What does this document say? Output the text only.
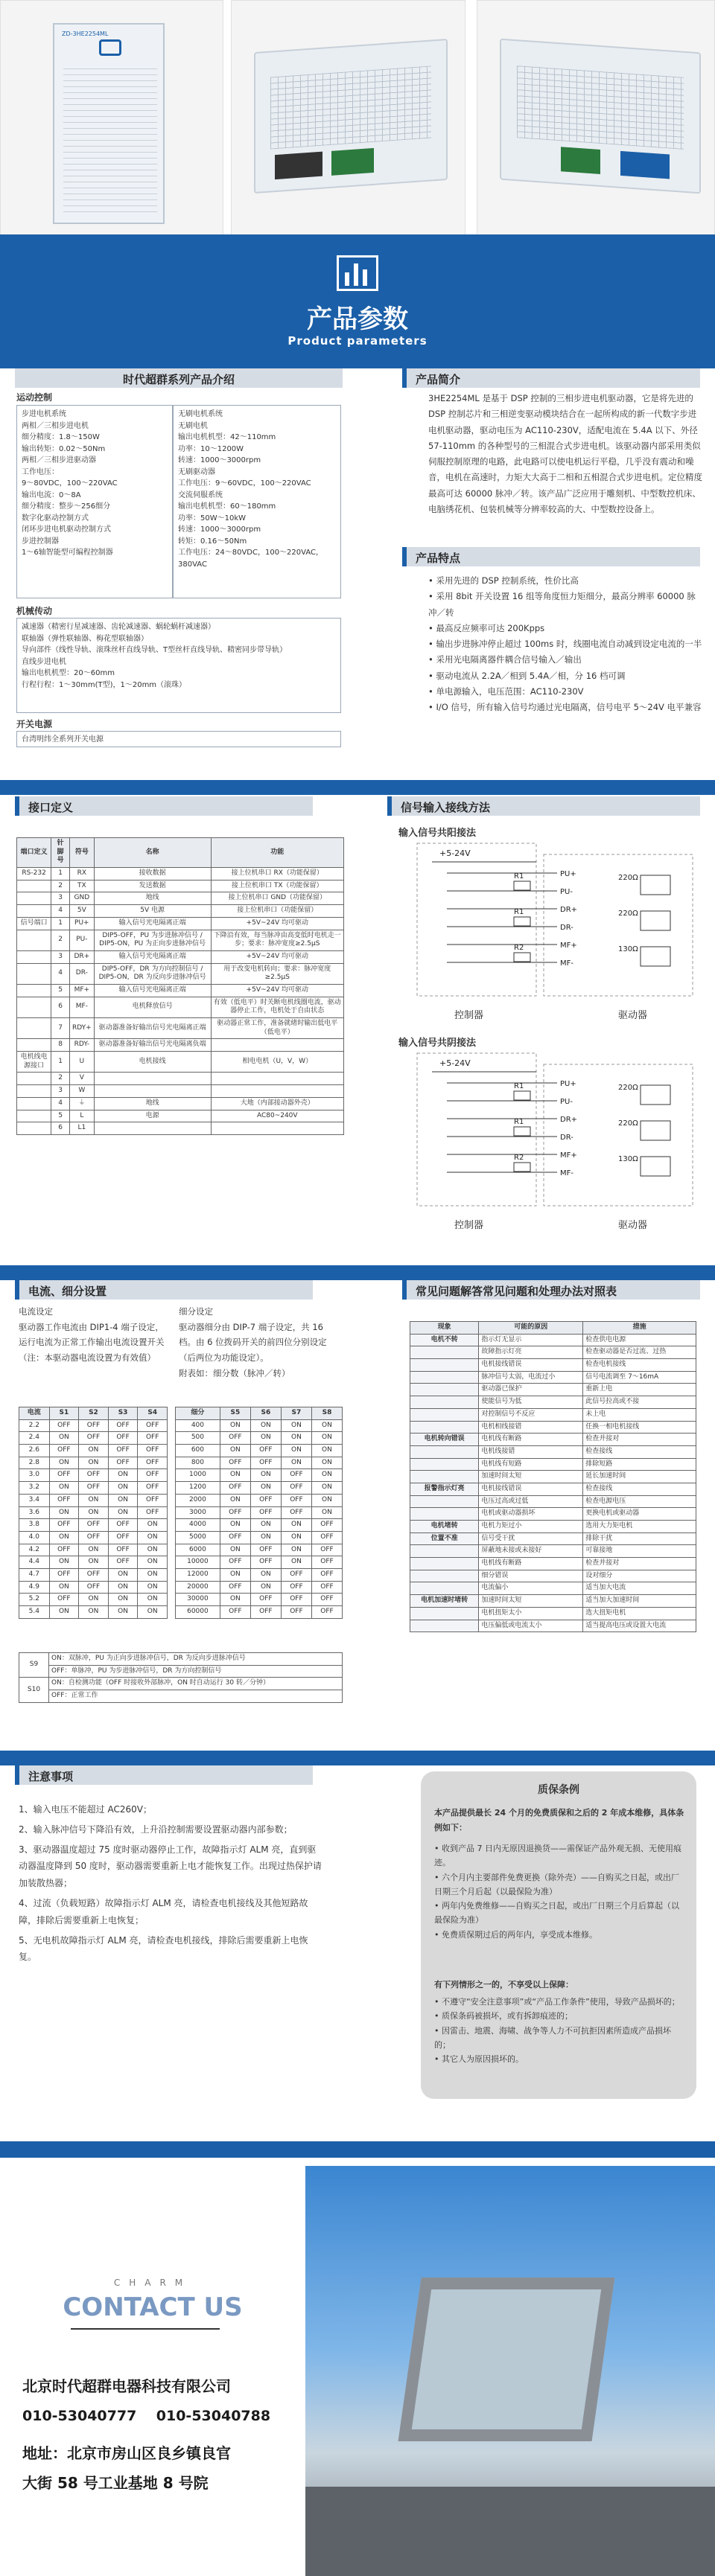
ZD-3HE2254ML
产品参数
Product parameters
时代超群系列产品介绍
运动控制
步进电机系统
两相／三相步进电机
细分精度：1.8～150W
输出转矩：0.02～50Nm
两相／三相步进驱动器
工作电压：
9～80VDC，100～220VAC
输出电流：0～8A
细分精度：整步～256细分
数字化驱动控制方式
闭环步进电机驱动控制方式
步进控制器
1～6轴智能型可编程控制器
无刷电机系统
无刷电机
输出电机机型：42～110mm
功率：10～1200W
转速：1000～3000rpm
无刷驱动器
工作电压：9～60VDC，100～220VAC
交流伺服系统
输出电机机型：60～180mm
功率：50W～10kW
转速：1000～3000rpm
转矩：0.16～50Nm
工作电压：24～80VDC，100～220VAC，380VAC
机械传动
减速器（精密行星减速器、齿轮减速器、蜗轮蜗杆减速器）
联轴器（弹性联轴器、梅花型联轴器）
导向部件（线性导轨、滚珠丝杆直线导轨、T型丝杆直线导轨、精密同步带导轨）
直线步进电机
输出电机机型：20～60mm
行程行程：1～30mm(T型)，1～20mm（滚珠）
开关电源
台湾明纬全系列开关电源
产品简介
3HE2254ML 是基于 DSP 控制的三相步进电机驱动器，它是将先进的 DSP 控制芯片和三相逆变驱动模块结合在一起所构成的新一代数字步进电机驱动器，驱动电压为 AC110-230V，适配电流在 5.4A 以下、外径 57-110mm 的各种型号的三相混合式步进电机。该驱动器内部采用类似伺服控制原理的电路，此电路可以使电机运行平稳，几乎没有震动和噪音，电机在高速时，力矩大大高于二相和五相混合式步进电机。定位精度最高可达 60000 脉冲／转。该产品广泛应用于雕刻机、中型数控机床、电脑绣花机、包装机械等分辨率较高的大、中型数控设备上。
产品特点
• 采用先进的 DSP 控制系统，性价比高
• 采用 8bit 开关设置 16 组等角度恒力矩细分，最高分辨率 60000 脉冲／转
• 最高反应频率可达 200Kpps
• 输出步进脉冲停止超过 100ms 时，线圈电流自动减到设定电流的一半
• 采用光电隔离器件耦合信号输入／输出
• 驱动电流从 2.2A／相到 5.4A／相，分 16 档可调
• 单电源输入，电压范围：AC110-230V
• I/O 信号，所有输入信号均通过光电隔离，信号电平 5～24V 电平兼容
接口定义
端口定义	针脚号	符号	名称	功能
RS-232	1	RX	接收数据	接上位机串口 RX（功能保留）
	2	TX	发送数据	接上位机串口 TX（功能保留）
	3	GND	地线	接上位机串口 GND（功能保留）
	4	5V	5V 电源	接上位机串口（功能保留）
信号端口	1	PU+	输入信号光电隔离正端	+5V~24V 均可驱动
	2	PU-	DIP5-OFF，PU 为步进脉冲信号 / DIP5-ON，PU 为正向步进脉冲信号	下降沿有效，每当脉冲由高变低时电机走一步；要求：脉冲宽度≥2.5μS
	3	DR+	输入信号光电隔离正端	+5V~24V 均可驱动
	4	DR-	DIP5-OFF，DR 为方向控制信号 / DIP5-ON，DR 为反向步进脉冲信号	用于改变电机转向；要求：脉冲宽度≥2.5μS
	5	MF+	输入信号光电隔离正端	+5V~24V 均可驱动
	6	MF-	电机释放信号	有效（低电平）时关断电机线圈电流，驱动器停止工作，电机处于自由状态
	7	RDY+	驱动器准备好输出信号光电隔离正端	驱动器正常工作，准备就绪时输出低电平（低电平）
	8	RDY-	驱动器准备好输出信号光电隔离负端	
电机线电源接口	1	U	电机接线	相电电机（U，V，W）
	2	V		
	3	W		
	4	⏚	地线	大地（内部接动器外壳）
	5	L	电源	AC80~240V
	6	L1		
信号输入接线方法
输入信号共阳接法
+5-24V
PU+
PU-
DR+
DR-
MF+
MF-
R1	220Ω
R1	220Ω
R2	130Ω
控制器	驱动器
输入信号共阴接法
+5-24V
PU+
PU-
DR+
DR-
MF+
MF-
R1	220Ω
R1	220Ω
R2	130Ω
控制器	驱动器
电流、细分设置
电流设定
驱动器工作电流由 DIP1-4 端子设定，运行电流为正常工作输出电流设置开关（注：本驱动器电流设置为有效值）
细分设定
驱动器细分由 DIP-7 端子设定，共 16 档。由 6 位拨码开关的前四位分别设定（后两位为功能设定）。
附表如：细分数（脉冲／转）
电流	S1	S2	S3	S4
2.2	OFF	OFF	OFF	OFF
2.4	ON	OFF	OFF	OFF
2.6	OFF	ON	OFF	OFF
2.8	ON	ON	OFF	OFF
3.0	OFF	OFF	ON	OFF
3.2	ON	OFF	ON	OFF
3.4	OFF	ON	ON	OFF
3.6	ON	ON	ON	OFF
3.8	OFF	OFF	OFF	ON
4.0	ON	OFF	OFF	ON
4.2	OFF	ON	OFF	ON
4.4	ON	ON	OFF	ON
4.7	OFF	OFF	ON	ON
4.9	ON	OFF	ON	ON
5.2	OFF	ON	ON	ON
5.4	ON	ON	ON	ON
细分	S5	S6	S7	S8
400	ON	ON	ON	ON
500	OFF	ON	ON	ON
600	ON	OFF	ON	ON
800	OFF	OFF	ON	ON
1000	ON	ON	OFF	ON
1200	OFF	ON	OFF	ON
2000	ON	OFF	OFF	ON
3000	OFF	OFF	OFF	ON
4000	ON	ON	ON	OFF
5000	OFF	ON	ON	OFF
6000	ON	OFF	ON	OFF
10000	OFF	OFF	ON	OFF
12000	ON	ON	OFF	OFF
20000	OFF	ON	OFF	OFF
30000	ON	OFF	OFF	OFF
60000	OFF	OFF	OFF	OFF
S9	ON：双脉冲，PU 为正向步进脉冲信号，DR 为反向步进脉冲信号
	OFF：单脉冲，PU 为步进脉冲信号，DR 为方向控制信号
S10	ON：自检测功能（OFF 时接收外部脉冲，ON 时自动运行 30 转／分钟）
	OFF：正常工作
常见问题解答常见问题和处理办法对照表
现象	可能的原因	措施
电机不转	指示灯无显示	检查供电电源
	故障指示灯亮	检查驱动器是否过流、过热
	电机接线错误	检查电机接线
	脉冲信号太弱，电流过小	信号电流调至 7～16mA
	驱动器已保护	重新上电
	使能信号为低	此信号拉高或不接
	对控制信号不反应	未上电
	电机相线接错	任换一相电机接线
电机转向错误	电机线有断路	检查并接对
	电机线接错	检查接线
	电机线有短路	排除短路
	加速时间太短	延长加速时间
报警指示灯亮	电机接线错误	检查接线
	电压过高或过低	检查电源电压
	电机或驱动器损坏	更换电机或驱动器
电机堵转	电机力矩过小	选用大力矩电机
位置不准	信号受干扰	排除干扰
	屏蔽地未接或未接好	可靠接地
	电机线有断路	检查并接对
	细分错误	设对细分
	电流偏小	适当加大电流
电机加速时堵转	加速时间太短	适当加大加速时间
	电机扭矩太小	选大扭矩电机
	电压偏低或电流太小	适当提高电压或设置大电流
注意事项
1、输入电压不能超过 AC260V；
2、输入脉冲信号下降沿有效，上升沿控制需要设置驱动器内部参数；
3、驱动器温度超过 75 度时驱动器停止工作，故障指示灯 ALM 亮，直到驱动器温度降到 50 度时，驱动器需要重新上电才能恢复工作。出现过热保护请加装散热器；
4、过流（负载短路）故障指示灯 ALM 亮，请检查电机接线及其他短路故障，排除后需要重新上电恢复；
5、无电机故障指示灯 ALM 亮，请检查电机接线，排除后需要重新上电恢复。
质保条例
本产品提供最长 24 个月的免费质保和之后的 2 年成本维修，具体条例如下：
• 收到产品 7 日内无原因退换货——需保证产品外观无损、无使用痕迹。
• 六个月内主要部件免费更换（除外壳）——自购买之日起，或出厂日期三个月后起（以最保险为准）
• 两年内免费维修——自购买之日起，或出厂日期三个月后算起（以最保险为准）
• 免费质保期过后的两年内，享受成本维修。
有下列情形之一的，不享受以上保障：
• 不遵守“安全注意事项”或“产品工作条件”使用，导致产品损坏的；
• 质保条码被损坏，或有拆卸痕迹的；
• 因雷击、地震、海啸、战争等人力不可抗拒因素所造成产品损坏的；
• 其它人为原因损坏的。
CHARM
CONTACT US
北京时代超群电器科技有限公司
010-53040777    010-53040788
地址：北京市房山区良乡镇良官
大街 58 号工业基地 8 号院
